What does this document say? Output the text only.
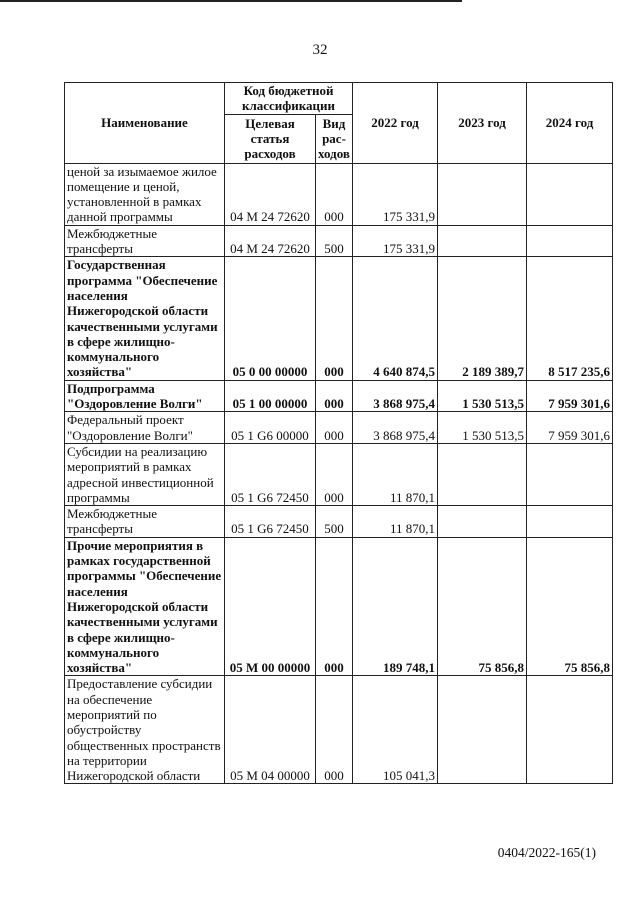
32
Наименование	Код бюджетной классификации		2022 год	2023 год	2024 год
	Целевая статья расходов	Вид рас- ходов			
ценой за изымаемое жилое помещение и ценой, установленной в рамках данной программы	04 М 24 72620	000	175 331,9		
Межбюджетные трансферты	04 М 24 72620	500	175 331,9		
Государственная программа "Обеспечение населения Нижегородской области качественными услугами в сфере жилищно-коммунального хозяйства"	05 0 00 00000	000	4 640 874,5	2 189 389,7	8 517 235,6
Подпрограмма "Оздоровление Волги"	05 1 00 00000	000	3 868 975,4	1 530 513,5	7 959 301,6
Федеральный проект "Оздоровление Волги"	05 1 G6 00000	000	3 868 975,4	1 530 513,5	7 959 301,6
Субсидии на реализацию мероприятий в рамках адресной инвестиционной программы	05 1 G6 72450	000	11 870,1		
Межбюджетные трансферты	05 1 G6 72450	500	11 870,1		
Прочие мероприятия в рамках государственной программы "Обеспечение населения Нижегородской области качественными услугами в сфере жилищно-коммунального хозяйства"	05 М 00 00000	000	189 748,1	75 856,8	75 856,8
Предоставление субсидии на обеспечение мероприятий по обустройству общественных пространств на территории Нижегородской области	05 М 04 00000	000	105 041,3		
0404/2022-165(1)
